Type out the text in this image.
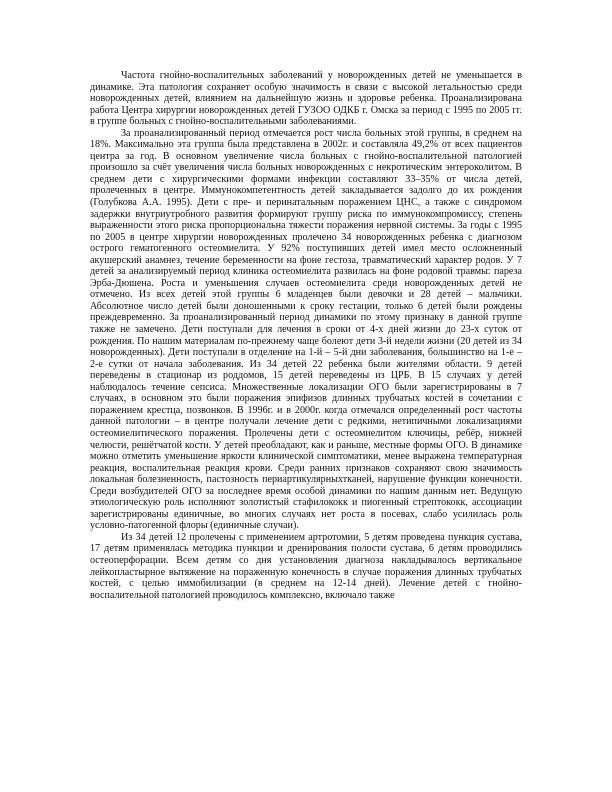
Частота гнойно-воспалительных заболеваний у новорожденных детей не уменьшается в динамике. Эта патология сохраняет особую значимость в связи с высокой летальностью среди новорожденных детей, влиянием на дальнейшую жизнь и здоровье ребенка. Проанализирована работа Центра хирургии новорожденных детей ГУЗОО ОДКБ г. Омска за период с 1995 по 2005 гг. в группе больных с гнойно-воспалительными заболеваниями.

За проанализированный период отмечается рост числа больных этой группы, в среднем на 18%. Максимально эта группа была представлена в 2002г. и составляла 49,2% от всех пациентов центра за год. В основном увеличение числа больных с гнойно-воспалительной патологией произошло за счёт увеличения числа больных новорожденных с некротическим энтероколитом. В среднем дети с хирургическими формами инфекции составляют 33–35% от числа детей, пролеченных в центре. Иммунокомпетентность детей закладывается задолго до их рождения (Голубкова А.А. 1995). Дети с пре- и перинатальным поражением ЦНС, а также с синдромом задержки внутриутробного развития формируют группу риска по иммунокомпромиссу, степень выраженности этого риска пропорциональна тяжести поражения нервной системы. За годы с 1995 по 2005 в центре хирургии новорожденных пролечено 34 новорожденных ребенка с диагнозом острого гематогенного остеомиелита. У 92% поступивших детей имел место осложненный акушерский анамнез, течение беременности на фоне гестоза, травматический характер родов. У 7 детей за анализируемый период клиника остеомиелита развилась на фоне родовой травмы: пареза Эрба-Дюшена. Роста и уменьшения случаев остеомиелита среди новорожденных детей не отмечено. Из всех детей этой группы 6 младенцев были девочки и 28 детей – мальчики. Абсолютное число детей были доношенными к сроку гестации, только 6 детей были рождены преждевременно. За проанализированный период динамики по этому признаку в данной группе также не замечено. Дети поступали для лечения в сроки от 4-х дней жизни до 23-х суток от рождения. По нашим материалам по-прежнему чаще болеют дети 3-й недели жизни (20 детей из 34 новорожденных). Дети поступали в отделение на 1-й – 5-й дни заболевания, большинство на 1-е – 2-е сутки от начала заболевания. Из 34 детей 22 ребенка были жителями области. 9 детей переведены в стационар из роддомов, 15 детей переведены из ЦРБ. В 15 случаях у детей наблюдалось течение сепсиса. Множественные локализации ОГО были зарегистрированы в 7 случаях, в основном это были поражения эпифизов длинных трубчатых костей в сочетании с поражением крестца, позвонков. В 1996г. и в 2000г. когда отмечался определенный рост частоты данной патологии – в центре получали лечение дети с редкими, нетипичными локализациями остеомиелитического поражения. Пролечены дети с остеомиелитом ключицы, ребёр, нижней челюсти, решётчатой кости. У детей преобладают, как и раньше, местные формы ОГО. В динамике можно отметить уменьшение яркости клинической симптоматики, менее выражена температурная реакция, воспалительная реакция крови. Среди ранних признаков сохраняют свою значимость локальная болезненность, пастозность периартикулярныхтканей, нарушение функции конечности. Среди возбудителей ОГО за последнее время особой динамики по нашим данным нет. Ведущую этиологическую роль исполняют золотистый стафилококк и пиогенный стрептококк, ассоциации зарегистрированы единичные, во многих случаях нет роста в посевах, слабо усилилась роль условно-патогенной флоры (единичные случаи).

Из 34 детей 12 пролечены с применением артротомии, 5 детям проведена пункция сустава, 17 детям применялась методика пункции и дренирования полости сустава, 6 детям проводились остеоперфорации. Всем детям со дня установления диагноза накладывалось вертикальное лейкопластырное вытяжение на пораженную конечность в случае поражения длинных трубчатых костей, с целью иммобилизации (в среднем на 12-14 дней). Лечение детей с гнойно-воспалительной патологией проводилось комплексно, включало также
